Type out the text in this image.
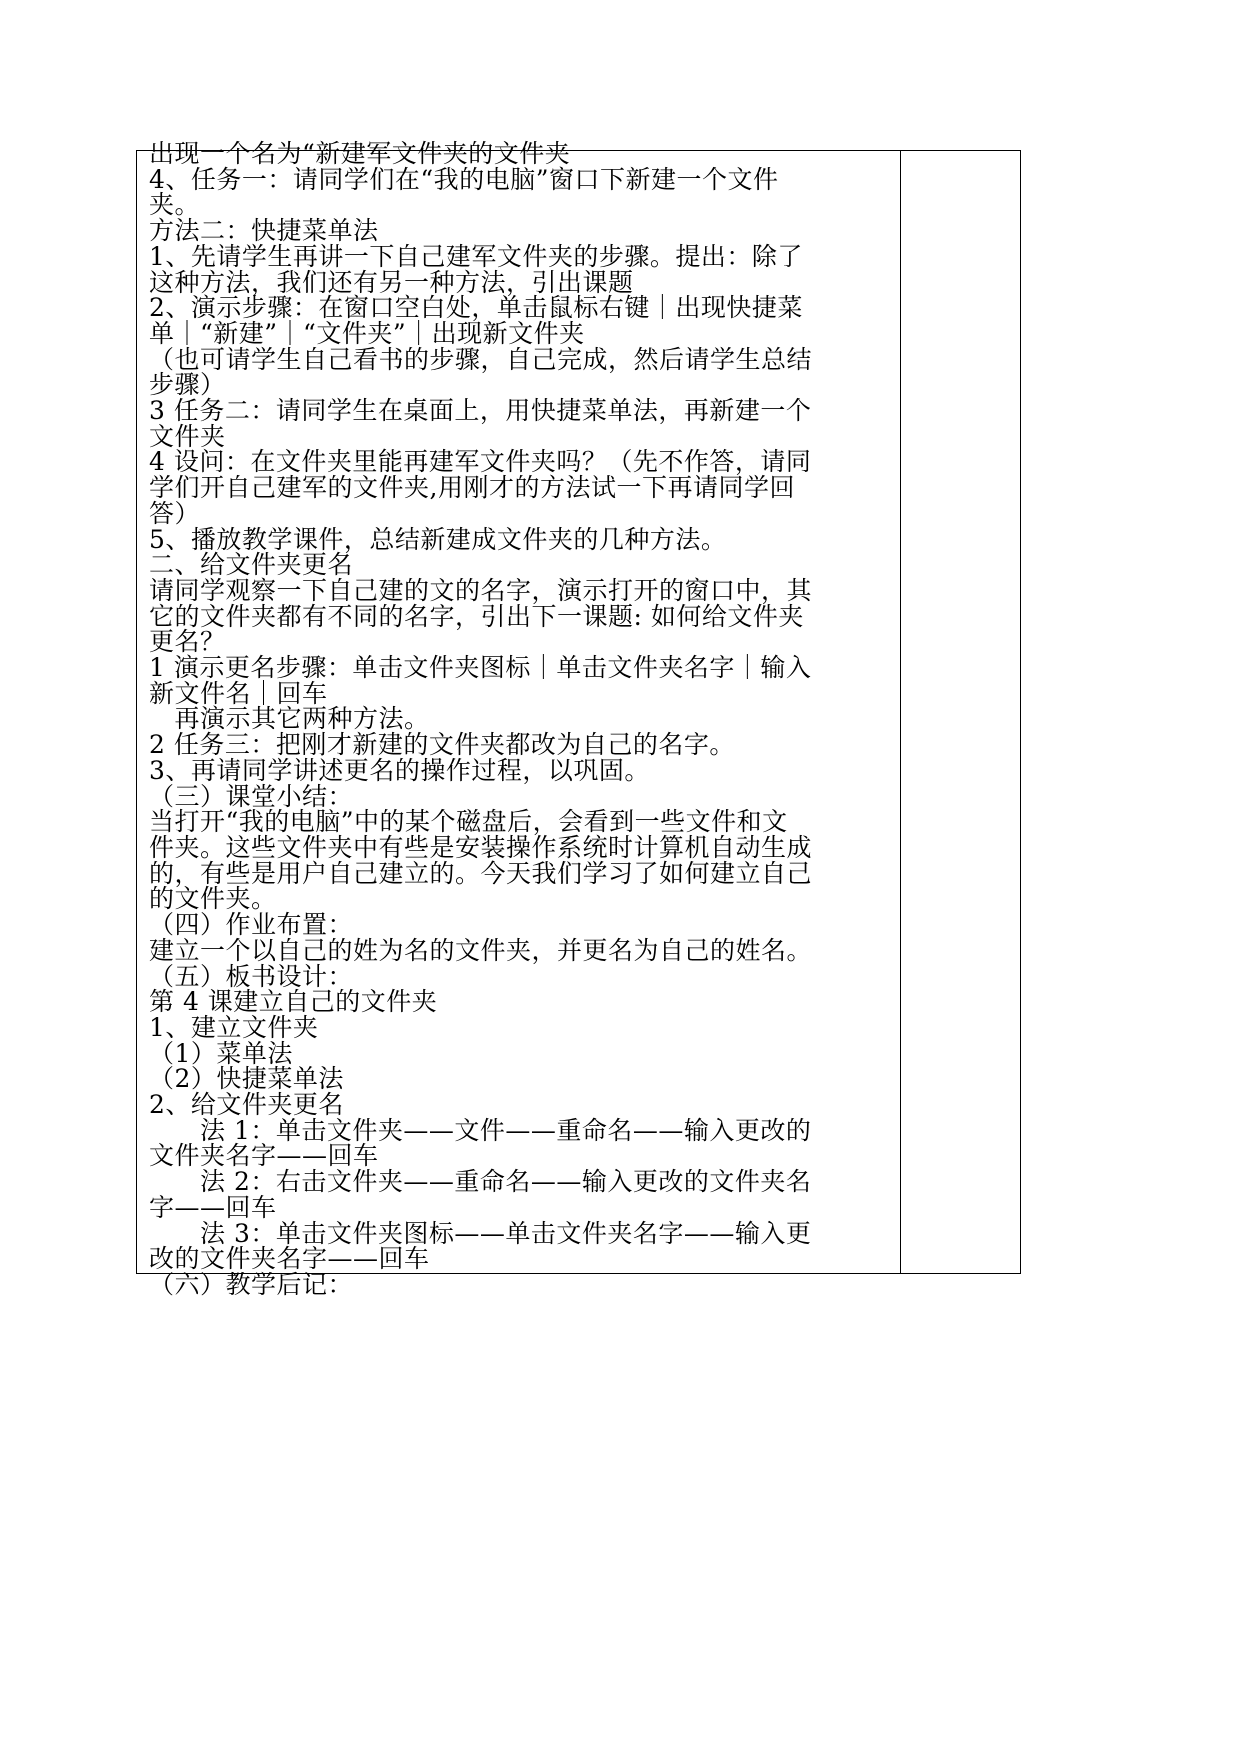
出现一个名为“新建军文件夹的文件夹
4、任务一：请同学们在“我的电脑”窗口下新建一个文件
夹。
方法二：快捷菜单法
1、先请学生再讲一下自己建军文件夹的步骤。提出：除了
这种方法，我们还有另一种方法，引出课题
2、演示步骤：在窗口空白处，单击鼠标右键｜出现快捷菜
单｜“新建”｜“文件夹”｜出现新文件夹
（也可请学生自己看书的步骤，自己完成，然后请学生总结
步骤）
3 任务二：请同学生在桌面上，用快捷菜单法，再新建一个
文件夹
4 设问：在文件夹里能再建军文件夹吗？（先不作答，请同
学们开自己建军的文件夹,用刚才的方法试一下再请同学回
答）
5、播放教学课件，总结新建成文件夹的几种方法。
二、给文件夹更名
请同学观察一下自己建的文的名字，演示打开的窗口中，其
它的文件夹都有不同的名字，引出下一课题: 如何给文件夹
更名？
1 演示更名步骤：单击文件夹图标｜单击文件夹名字｜输入
新文件名｜回车
　再演示其它两种方法。
2 任务三：把刚才新建的文件夹都改为自己的名字。
3、再请同学讲述更名的操作过程，以巩固。
（三）课堂小结：
当打开“我的电脑”中的某个磁盘后，会看到一些文件和文
件夹。这些文件夹中有些是安装操作系统时计算机自动生成
的，有些是用户自己建立的。今天我们学习了如何建立自己
的文件夹。
（四）作业布置：
建立一个以自己的姓为名的文件夹，并更名为自己的姓名。
（五）板书设计：
第 4 课建立自己的文件夹
1、建立文件夹
（1）菜单法
（2）快捷菜单法
2、给文件夹更名
　　法 1：单击文件夹——文件——重命名——输入更改的
文件夹名字——回车
　　法 2：右击文件夹——重命名——输入更改的文件夹名
字——回车
　　法 3：单击文件夹图标——单击文件夹名字——输入更
改的文件夹名字——回车
（六）教学后记：
